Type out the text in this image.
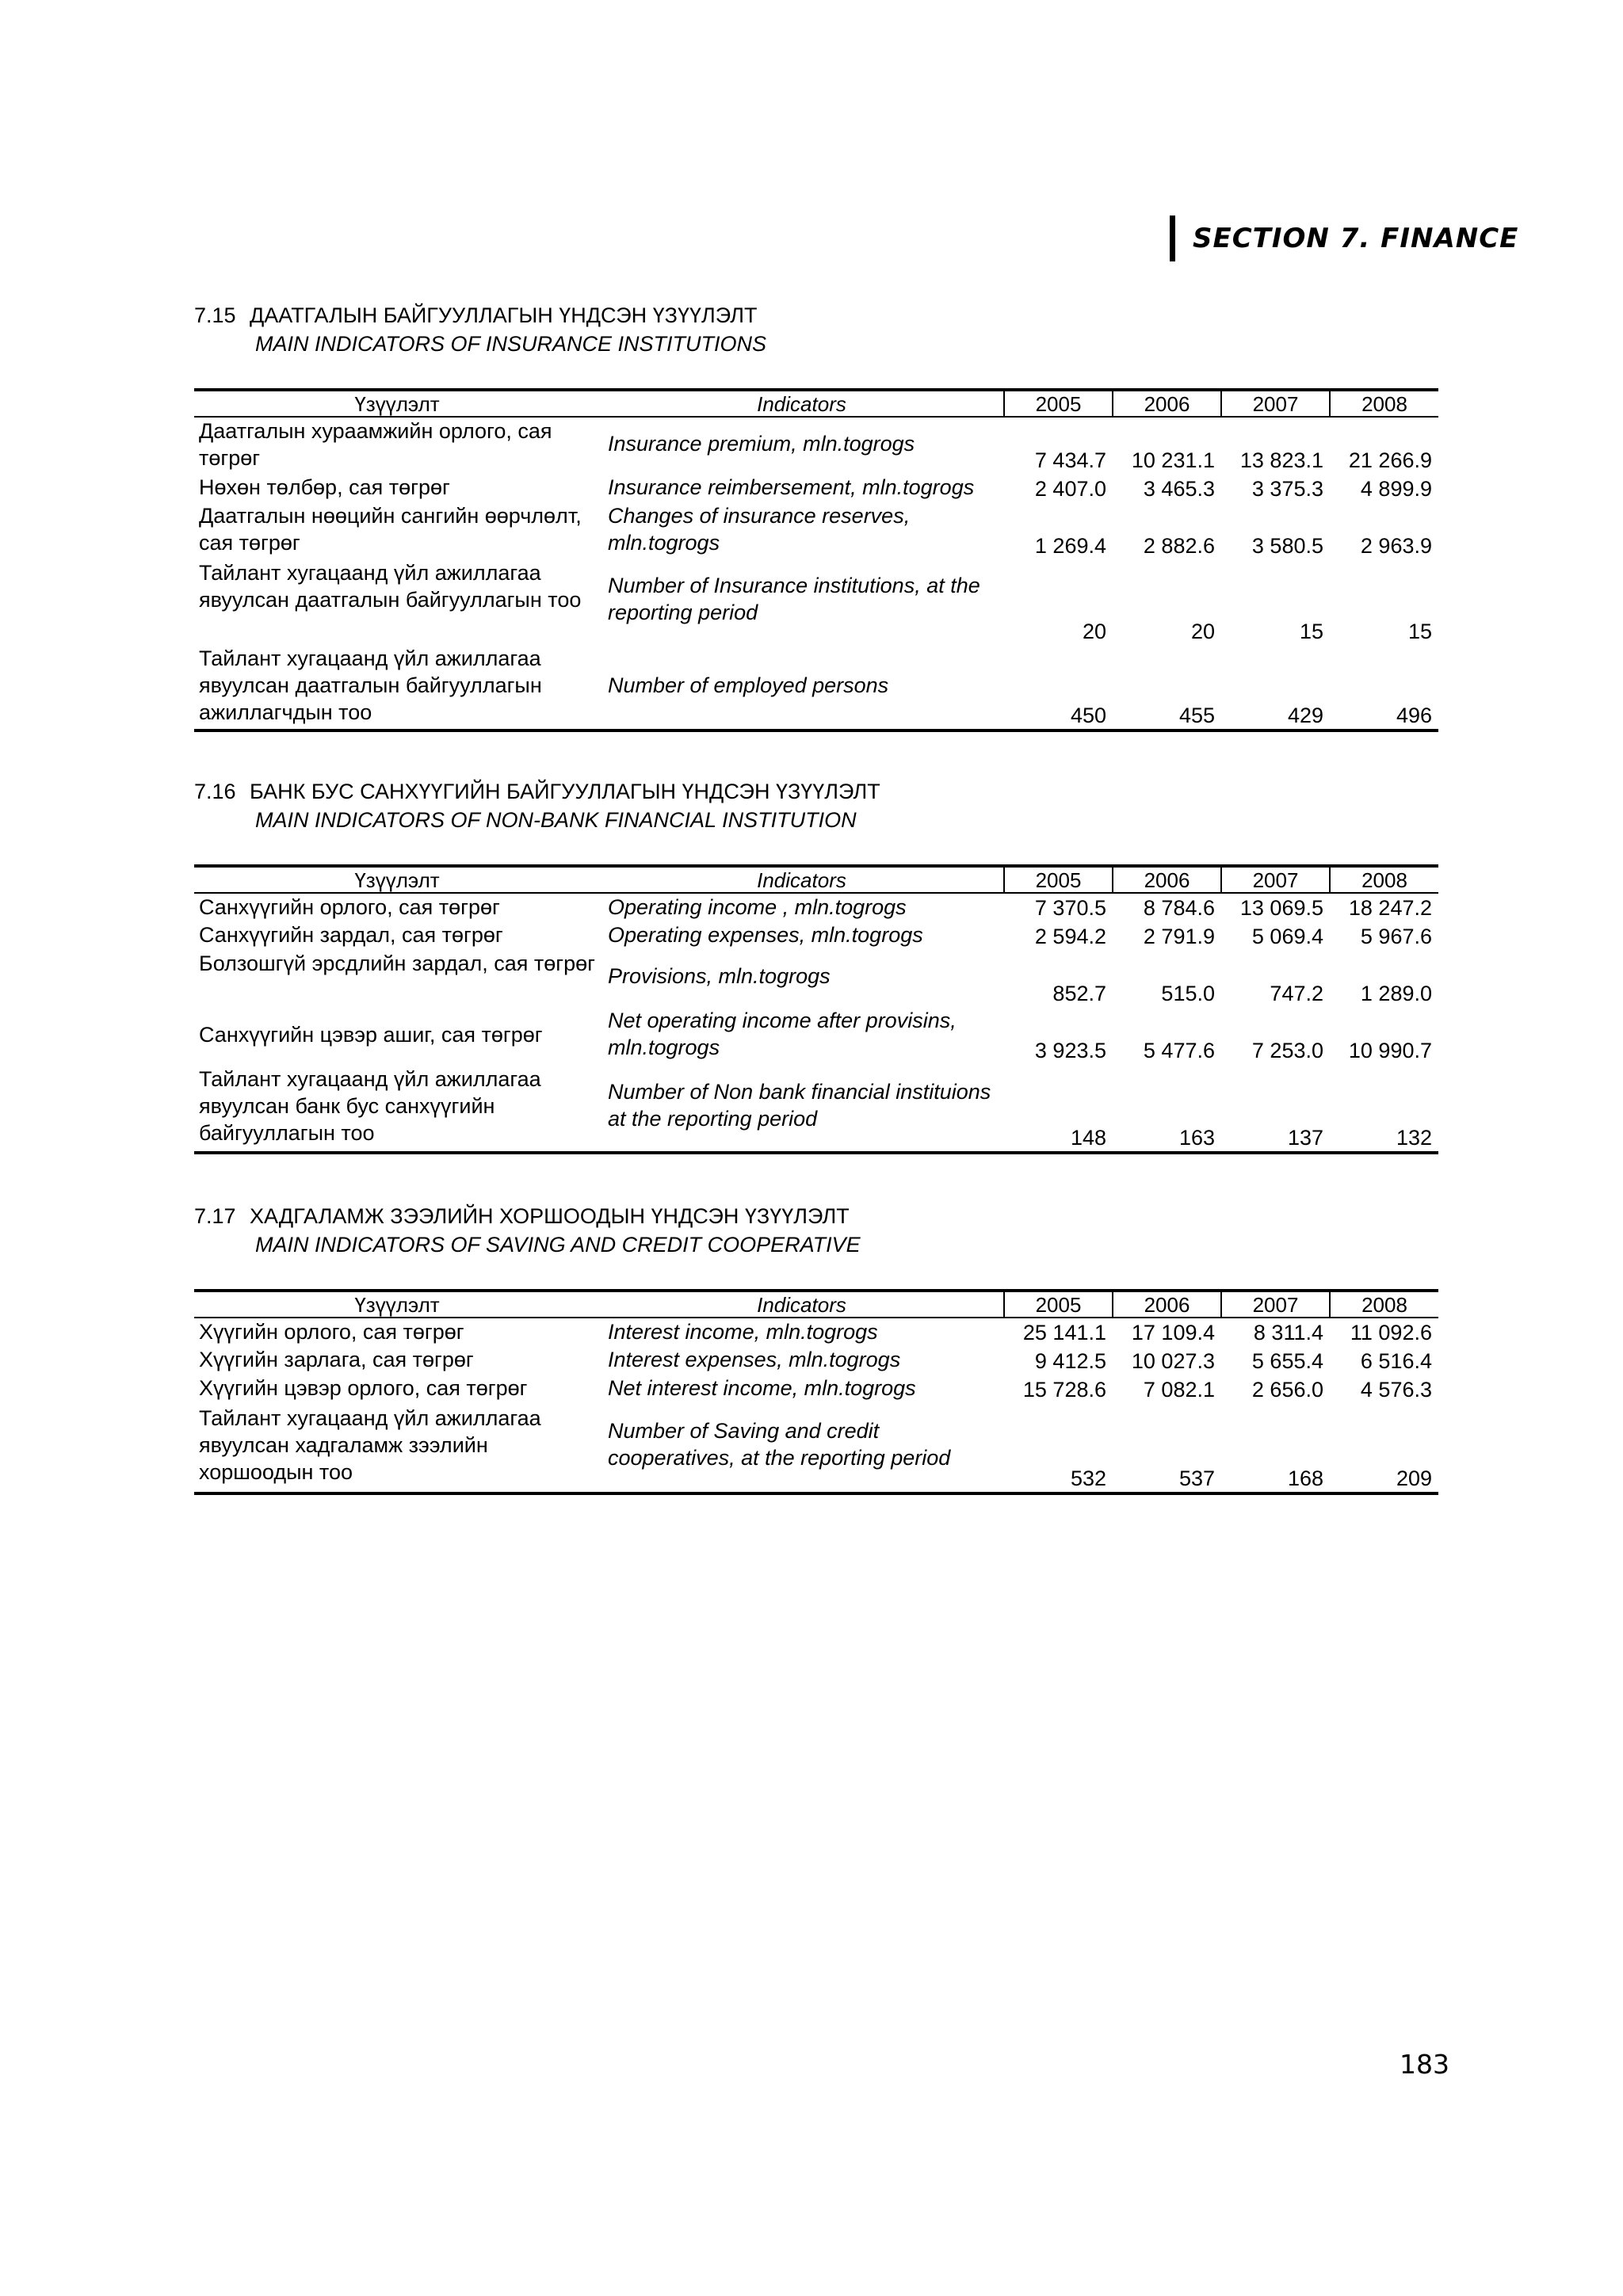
SECTION 7. FINANCE
7.15 ДААТГАЛЫН БАЙГУУЛЛАГЫН ҮНДСЭН ҮЗҮҮЛЭЛТ
MAIN INDICATORS OF INSURANCE INSTITUTIONS
Үзүүлэлт	Indicators	2005	2006	2007	2008
Даатгалын хураамжийн орлого, сая төгрөг	Insurance premium, mln.togrogs	7 434.7	10 231.1	13 823.1	21 266.9
Нөхөн төлбөр, сая төгрөг	Insurance reimbersement, mln.togrogs	2 407.0	3 465.3	3 375.3	4 899.9
Даатгалын нөөцийн сангийн өөрчлөлт, сая төгрөг	Changes of insurance reserves, mln.togrogs	1 269.4	2 882.6	3 580.5	2 963.9
Тайлант хугацаанд үйл ажиллагаа явуулсан даатгалын байгууллагын тоо	Number of Insurance institutions, at the reporting period	20	20	15	15
Тайлант хугацаанд үйл ажиллагаа явуулсан даатгалын байгууллагын ажиллагчдын тоо	Number of employed persons	450	455	429	496
7.16 БАНК БУС САНХҮҮГИЙН БАЙГУУЛЛАГЫН ҮНДСЭН ҮЗҮҮЛЭЛТ
MAIN INDICATORS OF NON-BANK FINANCIAL INSTITUTION
Үзүүлэлт	Indicators	2005	2006	2007	2008
Санхүүгийн орлого, сая төгрөг	Operating income , mln.togrogs	7 370.5	8 784.6	13 069.5	18 247.2
Санхүүгийн зардал, сая төгрөг	Operating expenses, mln.togrogs	2 594.2	2 791.9	5 069.4	5 967.6
Болзошгүй эрсдлийн зардал, сая төгрөг	Provisions, mln.togrogs	852.7	515.0	747.2	1 289.0
Санхүүгийн цэвэр ашиг, сая төгрөг	Net operating income after provisins, mln.togrogs	3 923.5	5 477.6	7 253.0	10 990.7
Тайлант хугацаанд үйл ажиллагаа явуулсан банк бус санхүүгийн байгууллагын тоо	Number of Non bank financial instituions at the reporting period	148	163	137	132
7.17 ХАДГАЛАМЖ ЗЭЭЛИЙН ХОРШООДЫН ҮНДСЭН ҮЗҮҮЛЭЛТ
MAIN INDICATORS OF SAVING AND CREDIT COOPERATIVE
Үзүүлэлт	Indicators	2005	2006	2007	2008
Хүүгийн орлого, сая төгрөг	Interest income, mln.togrogs	25 141.1	17 109.4	8 311.4	11 092.6
Хүүгийн зарлага, сая төгрөг	Interest expenses, mln.togrogs	9 412.5	10 027.3	5 655.4	6 516.4
Хүүгийн цэвэр орлого, сая төгрөг	Net interest income, mln.togrogs	15 728.6	7 082.1	2 656.0	4 576.3
Тайлант хугацаанд үйл ажиллагаа явуулсан хадгаламж зээлийн хоршоодын тоо	Number of Saving and credit cooperatives, at the reporting period	532	537	168	209
183
